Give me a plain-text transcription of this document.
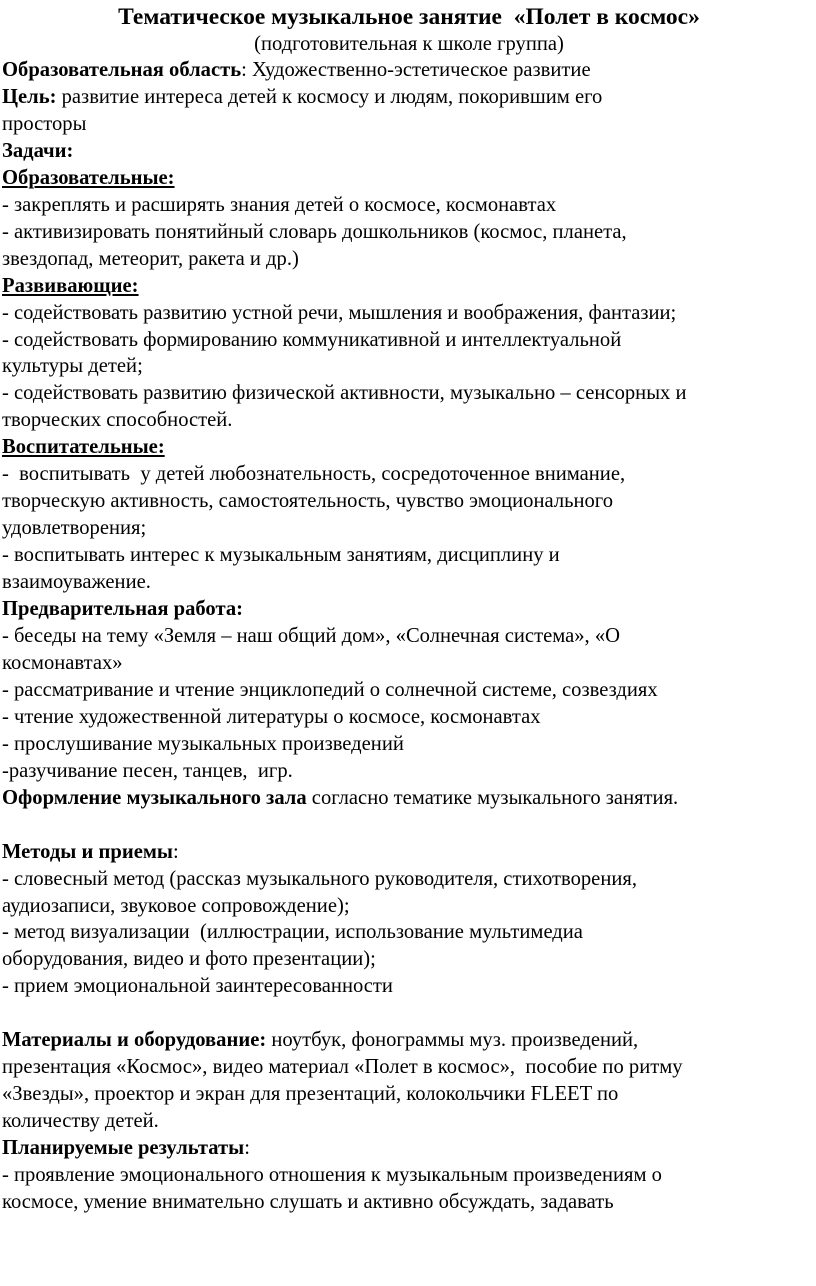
Тематическое музыкальное занятие  «Полет в космос»

(подготовительная к школе группа)

Образовательная область: Художественно-эстетическое развитие

Цель: развитие интереса детей к космосу и людям, покорившим его

просторы

Задачи:

Образовательные:

- закреплять и расширять знания детей о космосе, космонавтах

- активизировать понятийный словарь дошкольников (космос, планета,

звездопад, метеорит, ракета и др.)

Развивающие:

- содействовать развитию устной речи, мышления и воображения, фантазии;

- содействовать формированию коммуникативной и интеллектуальной

культуры детей;

- содействовать развитию физической активности, музыкально – сенсорных и

творческих способностей.

Воспитательные:

-  воспитывать  у детей любознательность, сосредоточенное внимание,

творческую активность, самостоятельность, чувство эмоционального

удовлетворения;

- воспитывать интерес к музыкальным занятиям, дисциплину и

взаимоуважение.

Предварительная работа:

- беседы на тему «Земля – наш общий дом», «Солнечная система», «О

космонавтах»

- рассматривание и чтение энциклопедий о солнечной системе, созвездиях

- чтение художественной литературы о космосе, космонавтах

- прослушивание музыкальных произведений

-разучивание песен, танцев,  игр.

Оформление музыкального зала согласно тематике музыкального занятия.

Методы и приемы:

- словесный метод (рассказ музыкального руководителя, стихотворения,

аудиозаписи, звуковое сопровождение);

- метод визуализации  (иллюстрации, использование мультимедиа

оборудования, видео и фото презентации);

- прием эмоциональной заинтересованности

Материалы и оборудование: ноутбук, фонограммы муз. произведений,

презентация «Космос», видео материал «Полет в космос»,  пособие по ритму

«Звезды», проектор и экран для презентаций, колокольчики FLEET по

количеству детей.

Планируемые результаты:

- проявление эмоционального отношения к музыкальным произведениям о

космосе, умение внимательно слушать и активно обсуждать, задавать
